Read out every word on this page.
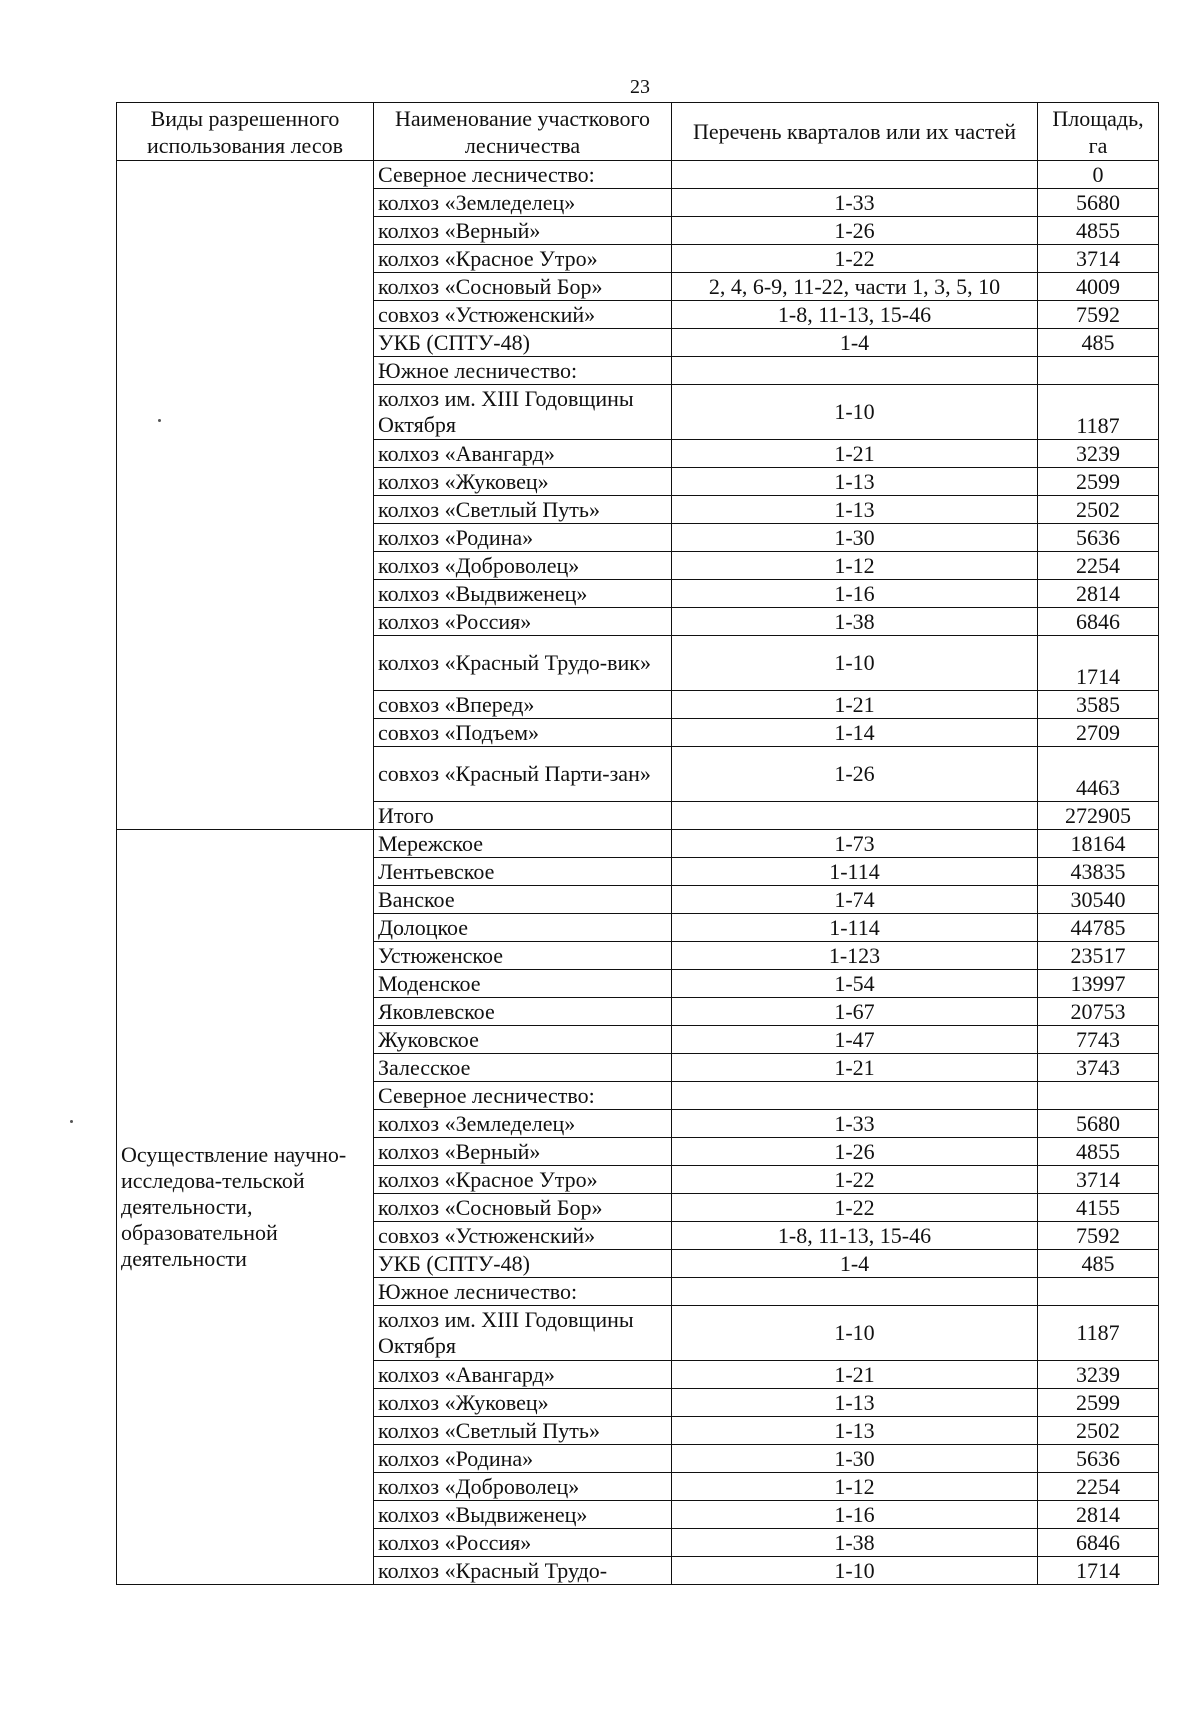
23
Виды разрешенного использования лесов	Наименование участкового лесничества	Перечень кварталов или их частей	Площадь, га
	Северное лесничество:		0
	колхоз «Земледелец»	1-33	5680
	колхоз «Верный»	1-26	4855
	колхоз «Красное Утро»	1-22	3714
	колхоз «Сосновый Бор»	2, 4, 6-9, 11-22, части 1, 3, 5, 10	4009
	совхоз «Устюженский»	1-8, 11-13, 15-46	7592
	УКБ (СПТУ-48)	1-4	485
	Южное лесничество:		
	колхоз им. XIII Годовщины Октября	1-10	1187
	колхоз «Авангард»	1-21	3239
	колхоз «Жуковец»	1-13	2599
	колхоз «Светлый Путь»	1-13	2502
	колхоз «Родина»	1-30	5636
	колхоз «Доброволец»	1-12	2254
	колхоз «Выдвиженец»	1-16	2814
	колхоз «Россия»	1-38	6846
	колхоз «Красный Трудо-вик»	1-10	1714
	совхоз «Вперед»	1-21	3585
	совхоз «Подъем»	1-14	2709
	совхоз «Красный Парти-зан»	1-26	4463
	Итого		272905
Осуществление научно-исследова-тельской деятельности, образовательной деятельности	Мережское	1-73	18164
	Лентьевское	1-114	43835
	Ванское	1-74	30540
	Долоцкое	1-114	44785
	Устюженское	1-123	23517
	Моденское	1-54	13997
	Яковлевское	1-67	20753
	Жуковское	1-47	7743
	Залесское	1-21	3743
	Северное лесничество:		
	колхоз «Земледелец»	1-33	5680
	колхоз «Верный»	1-26	4855
	колхоз «Красное Утро»	1-22	3714
	колхоз «Сосновый Бор»	1-22	4155
	совхоз «Устюженский»	1-8, 11-13, 15-46	7592
	УКБ (СПТУ-48)	1-4	485
	Южное лесничество:		
	колхоз им. XIII Годовщины Октября	1-10	1187
	колхоз «Авангард»	1-21	3239
	колхоз «Жуковец»	1-13	2599
	колхоз «Светлый Путь»	1-13	2502
	колхоз «Родина»	1-30	5636
	колхоз «Доброволец»	1-12	2254
	колхоз «Выдвиженец»	1-16	2814
	колхоз «Россия»	1-38	6846
	колхоз «Красный Трудо-	1-10	1714
